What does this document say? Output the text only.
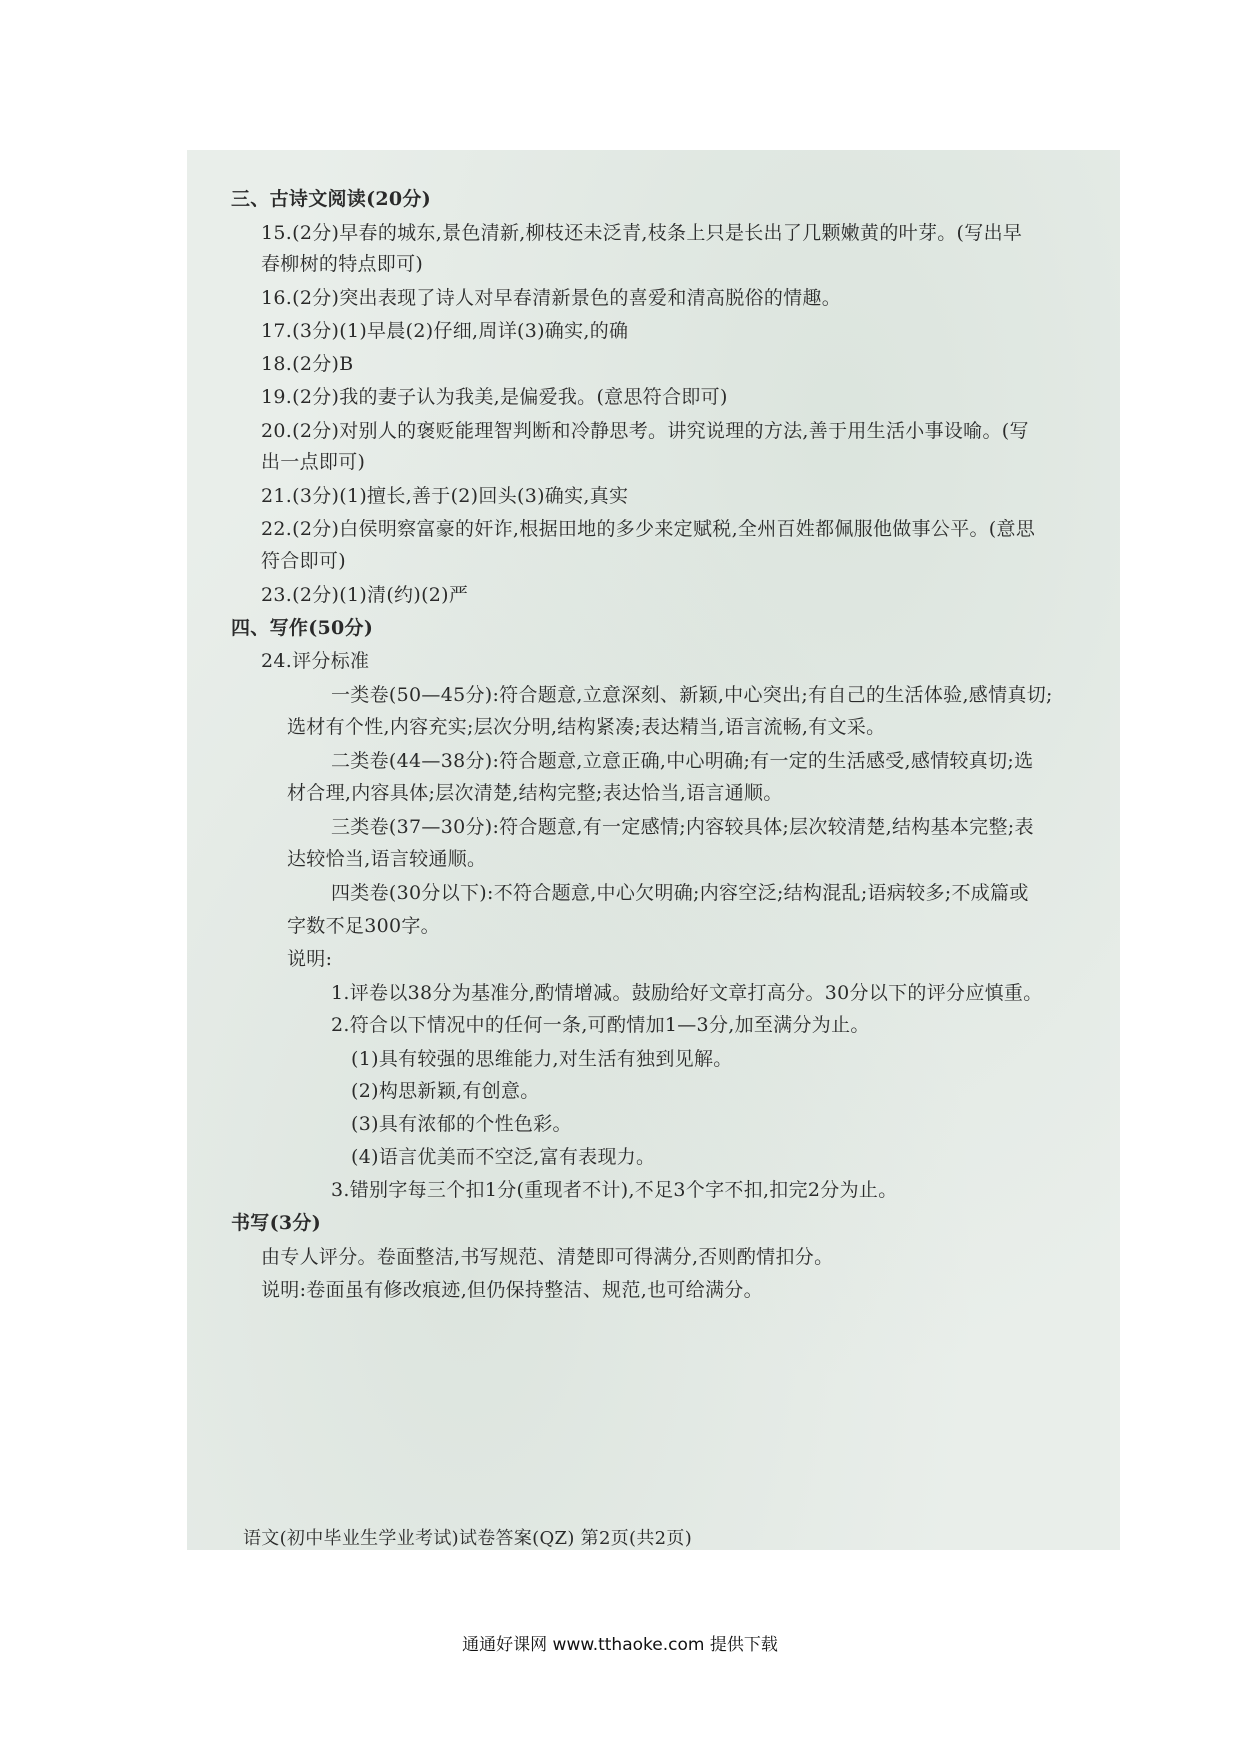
三、古诗文阅读(20分)
15.(2分)早春的城东,景色清新,柳枝还未泛青,枝条上只是长出了几颗嫩黄的叶芽。(写出早
春柳树的特点即可)
16.(2分)突出表现了诗人对早春清新景色的喜爱和清高脱俗的情趣。
17.(3分)(1)早晨(2)仔细,周详(3)确实,的确
18.(2分)B
19.(2分)我的妻子认为我美,是偏爱我。(意思符合即可)
20.(2分)对别人的褒贬能理智判断和冷静思考。讲究说理的方法,善于用生活小事设喻。(写
出一点即可)
21.(3分)(1)擅长,善于(2)回头(3)确实,真实
22.(2分)白侯明察富豪的奸诈,根据田地的多少来定赋税,全州百姓都佩服他做事公平。(意思
符合即可)
23.(2分)(1)清(约)(2)严
四、写作(50分)
24.评分标准
一类卷(50—45分):符合题意,立意深刻、新颖,中心突出;有自己的生活体验,感情真切;
选材有个性,内容充实;层次分明,结构紧凑;表达精当,语言流畅,有文采。
二类卷(44—38分):符合题意,立意正确,中心明确;有一定的生活感受,感情较真切;选
材合理,内容具体;层次清楚,结构完整;表达恰当,语言通顺。
三类卷(37—30分):符合题意,有一定感情;内容较具体;层次较清楚,结构基本完整;表
达较恰当,语言较通顺。
四类卷(30分以下):不符合题意,中心欠明确;内容空泛;结构混乱;语病较多;不成篇或
字数不足300字。
说明:
1.评卷以38分为基准分,酌情增减。鼓励给好文章打高分。30分以下的评分应慎重。
2.符合以下情况中的任何一条,可酌情加1—3分,加至满分为止。
(1)具有较强的思维能力,对生活有独到见解。
(2)构思新颖,有创意。
(3)具有浓郁的个性色彩。
(4)语言优美而不空泛,富有表现力。
3.错别字每三个扣1分(重现者不计),不足3个字不扣,扣完2分为止。
书写(3分)
由专人评分。卷面整洁,书写规范、清楚即可得满分,否则酌情扣分。
说明:卷面虽有修改痕迹,但仍保持整洁、规范,也可给满分。
语文(初中毕业生学业考试)试卷答案(QZ) 第2页(共2页)
通通好课网 www.tthaoke.com 提供下载
